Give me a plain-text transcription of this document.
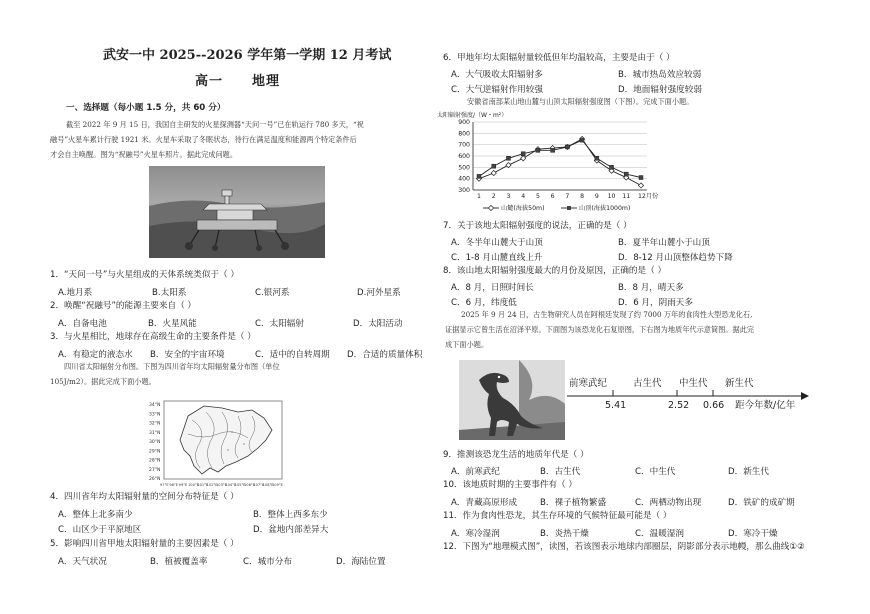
武安一中 2025--2026 学年第一学期 12 月考试
高一 地理
一、选择题（每小题 1.5 分，共 60 分）
截至 2022 年 9 月 15 日，我国自主研发的火星探测器“天问一号”已在轨运行 780 多天，“祝
融号”火星车累计行驶 1921 米。火星车采取了冬眠状态，待行在满足温度和能源两个特定条件后
才会自主唤醒。图为“祝融号”火星车照片。据此完成问题。
1．“天问一号”与火星组成的天体系统类似于（ ）
A.地月系	B.太阳系	C.银河系	D.河外星系
2．唤醒“祝融号”的能源主要来自（ ）
A．自备电池	B．火星风能	C．太阳辐射	D．太阳活动
3．与火星相比，地球存在高级生命的主要条件是（ ）
A．有稳定的液态水 B．安全的宇宙环境	C．适中的自转周期 D．合适的质量体积
四川省太阳辐射分布图。下图为四川省年均太阳辐射量分布图（单位
105J/m2）。据此完成下面小题。
34°N
33°N
32°N
31°N
30°N
29°N
28°N
27°N
26°N
97°E 98°E 99°E 100°E
101°E
102°E
103°E
104°E
105°E
106°E
107°E
108°E
109°E
4．四川省年均太阳辐射量的空间分布特征是（ ）
A．整体上北多南少	B．整体上西多东少
C．山区少于平原地区	D．盆地内部差异大
5．影响四川省甲地太阳辐射量的主要因素是（ ）
A．天气状况	B．植被覆盖率	C．城市分布	D．海陆位置
6．甲地年均太阳辐射量较低但年均温较高，主要是由于（ ）
A．大气吸收太阳辐射多	B．城市热岛效应较弱
C．大气逆辐射作用较强	D．地面辐射强度较弱
安徽省南部某山地山麓与山顶太阳辐射强度图（下图）。完成下面小题。
太阳辐射强度/（W・m²）
300
400
500
600
700
800
900
1 2 3 4 5 6 7 8 9 10 11 12月份
山麓(海拔50m)	山顶(海拔1000m)
7．关于该地太阳辐射强度的说法，正确的是（ ）
A．冬半年山麓大于山顶	B．夏半年山麓小于山顶
C．1-8 月山麓直线上升	D．8-12 月山顶整体趋势下降
8．该山地太阳辐射强度最大的月份及原因，正确的是（ ）
A．8 月，日照时间长	B．8 月，晴天多
C．6 月，纬度低	D．6 月，阴雨天多
2025 年 9 月 24 日，古生物研究人员在阿根廷发现了约 7000 万年的食肉性大型恐龙化石,
证据显示它曾生活在沼泽平原。下面图为该恐龙化石复原图，下右图为地质年代示意简图。据此完
成下面小题。
前寒武纪	古生代 中生代 新生代
5.41	2.52 0.66 距今年数/亿年
9．推测该恐龙生活的地质年代是（ ）
A．前寒武纪	B．古生代	C．中生代	D．新生代
10．该地质时期的主要事件有（ ）
A．青藏高原形成	B．裸子植物繁盛	C．两栖动物出现	D．铁矿的成矿期
11．作为食肉性恐龙，其生存环境的气候特征最可能是（ ）
A．寒冷湿润	B．炎热干燥	C．温暖湿润	D．寒冷干燥
12．下图为“地理模式图”，读图，若该图表示地球内部圈层，阴影部分表示地幔，那么曲线①②
